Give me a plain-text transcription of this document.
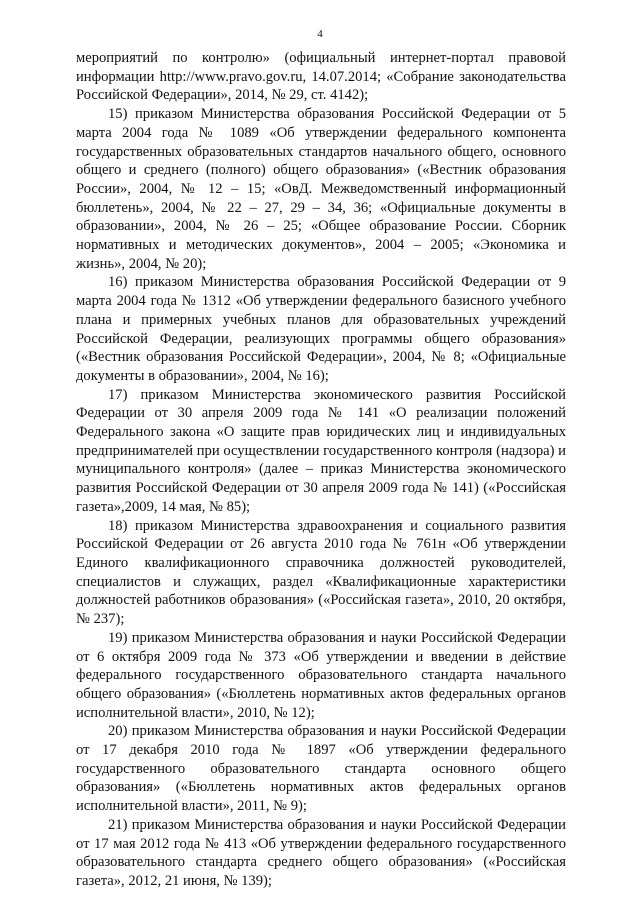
4

мероприятий по контролю» (официальный интернет-портал правовой информации http://www.pravo.gov.ru, 14.07.2014; «Собрание законодательства Российской Федерации», 2014, № 29, ст. 4142);

15) приказом Министерства образования Российской Федерации от 5 марта 2004 года № 1089 «Об утверждении федерального компонента государственных образовательных стандартов начального общего, основного общего и среднего (полного) общего образования» («Вестник образования России», 2004, № 12 – 15; «ОвД. Межведомственный информационный бюллетень», 2004, № 22 – 27, 29 – 34, 36; «Официальные документы в образовании», 2004, № 26 – 25; «Общее образование России. Сборник нормативных и методических документов», 2004 – 2005; «Экономика и жизнь», 2004, № 20);

16) приказом Министерства образования Российской Федерации от 9 марта 2004 года № 1312 «Об утверждении федерального базисного учебного плана и примерных учебных планов для образовательных учреждений Российской Федерации, реализующих программы общего образования» («Вестник образования Российской Федерации», 2004, № 8; «Официальные документы в образовании», 2004, № 16);

17) приказом Министерства экономического развития Российской Федерации от 30 апреля 2009 года № 141 «О реализации положений Федерального закона «О защите прав юридических лиц и индивидуальных предпринимателей при осуществлении государственного контроля (надзора) и муниципального контроля» (далее – приказ Министерства экономического развития Российской Федерации от 30 апреля 2009 года № 141) («Российская газета»,2009, 14 мая, № 85);

18) приказом Министерства здравоохранения и социального развития Российской Федерации от 26 августа 2010 года № 761н «Об утверждении Единого квалификационного справочника должностей руководителей, специалистов и служащих, раздел «Квалификационные характеристики должностей работников образования» («Российская газета», 2010, 20 октября, № 237);

19) приказом Министерства образования и науки Российской Федерации от 6 октября 2009 года № 373 «Об утверждении и введении в действие федерального государственного образовательного стандарта начального общего образования» («Бюллетень нормативных актов федеральных органов исполнительной власти», 2010, № 12);

20) приказом Министерства образования и науки Российской Федерации от 17 декабря 2010 года № 1897 «Об утверждении федерального государственного образовательного стандарта основного общего образования» («Бюллетень нормативных актов федеральных органов исполнительной власти», 2011, № 9);

21) приказом Министерства образования и науки Российской Федерации от 17 мая 2012 года № 413 «Об утверждении федерального государственного образовательного стандарта среднего общего образования» («Российская газета», 2012, 21 июня, № 139);
